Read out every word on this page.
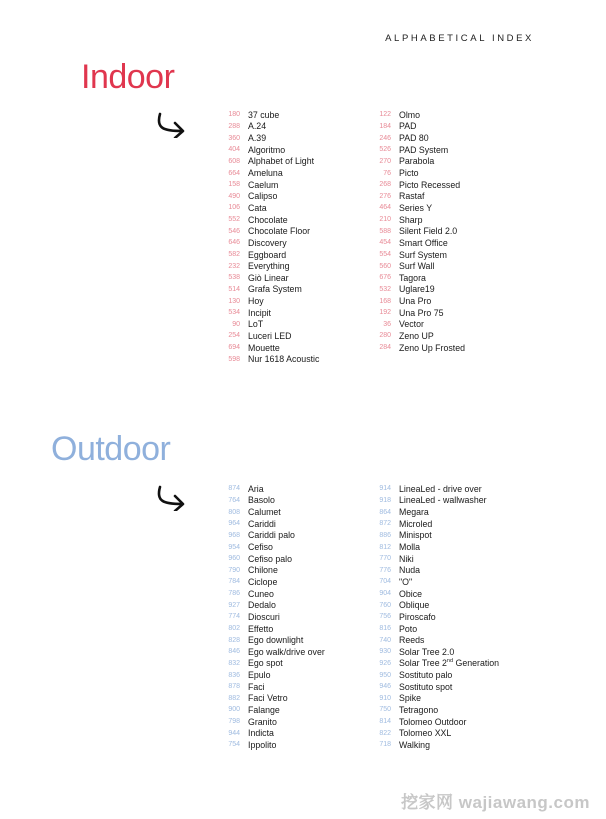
ALPHABETICAL INDEX
Indoor
180 37 cube
288 A.24
360 A.39
404 Algoritmo
608 Alphabet of Light
664 Ameluna
158 Caelum
490 Calipso
106 Cata
552 Chocolate
546 Chocolate Floor
646 Discovery
582 Eggboard
232 Everything
538 Giò Linear
514 Grafa System
130 Hoy
534 Incipit
90 LoT
254 Luceri LED
694 Mouette
598 Nur 1618 Acoustic
122 Olmo
184 PAD
246 PAD 80
526 PAD System
270 Parabola
76 Picto
268 Picto Recessed
276 Rastaf
464 Series Y
210 Sharp
588 Silent Field 2.0
454 Smart Office
554 Surf System
560 Surf Wall
676 Tagora
532 Uglare19
168 Una Pro
192 Una Pro 75
36 Vector
280 Zeno UP
284 Zeno Up Frosted
Outdoor
874 Aria
764 Basolo
808 Calumet
964 Cariddi
968 Cariddi palo
954 Cefiso
960 Cefiso palo
790 Chilone
784 Ciclope
786 Cuneo
927 Dedalo
774 Dioscuri
802 Effetto
828 Ego downlight
846 Ego walk/drive over
832 Ego spot
836 Epulo
878 Faci
882 Faci Vetro
900 Falange
798 Granito
944 Indicta
754 Ippolito
914 LineaLed - drive over
918 LineaLed - wallwasher
864 Megara
872 Microled
886 Minispot
812 Molla
770 Niki
776 Nuda
704 "O"
904 Obice
760 Oblique
756 Piroscafo
816 Poto
740 Reeds
930 Solar Tree 2.0
926 Solar Tree 2nd Generation
950 Sostituto palo
946 Sostituto spot
910 Spike
750 Tetragono
814 Tolomeo Outdoor
822 Tolomeo XXL
718 Walking
挖家网 wajiawang.com
